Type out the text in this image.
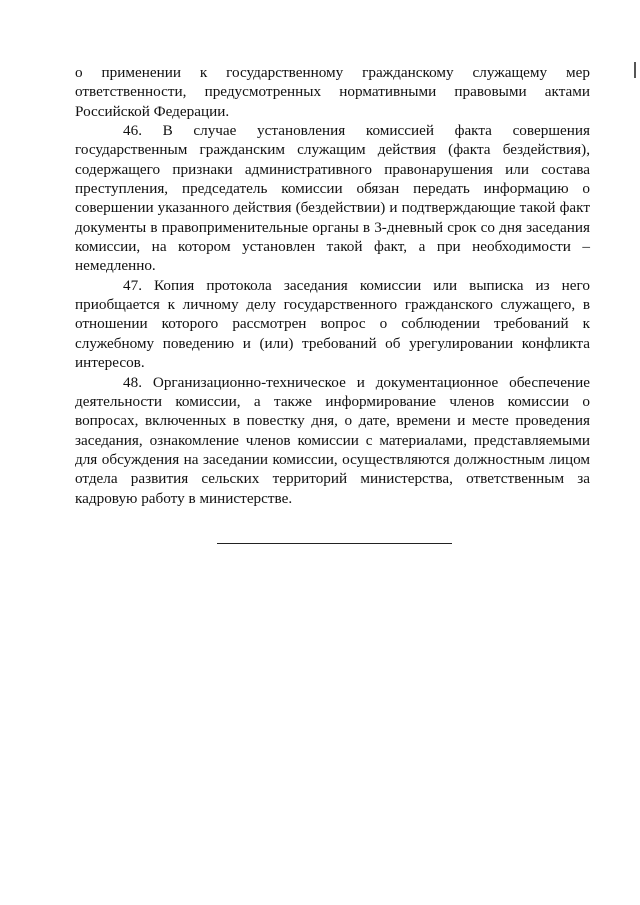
о применении к государственному гражданскому служащему мер ответственности, предусмотренных нормативными правовыми актами Российской Федерации.

46. В случае установления комиссией факта совершения государственным гражданским служащим действия (факта бездействия), содержащего признаки административного правонарушения или состава преступления, председатель комиссии обязан передать информацию о совершении указанного действия (бездействии) и подтверждающие такой факт документы в правоприменительные органы в 3-дневный срок со дня заседания комиссии, на котором установлен такой факт, а при необходимости – немедленно.

47. Копия протокола заседания комиссии или выписка из него приобщается к личному делу государственного гражданского служащего, в отношении которого рассмотрен вопрос о соблюдении требований к служебному поведению и (или) требований об урегулировании конфликта интересов.

48. Организационно-техническое и документационное обеспечение деятельности комиссии, а также информирование членов комиссии о вопросах, включенных в повестку дня, о дате, времени и месте проведения заседания, ознакомление членов комиссии с материалами, представляемыми для обсуждения на заседании комиссии, осуществляются должностным лицом отдела развития сельских территорий министерства, ответственным за кадровую работу в министерстве.
